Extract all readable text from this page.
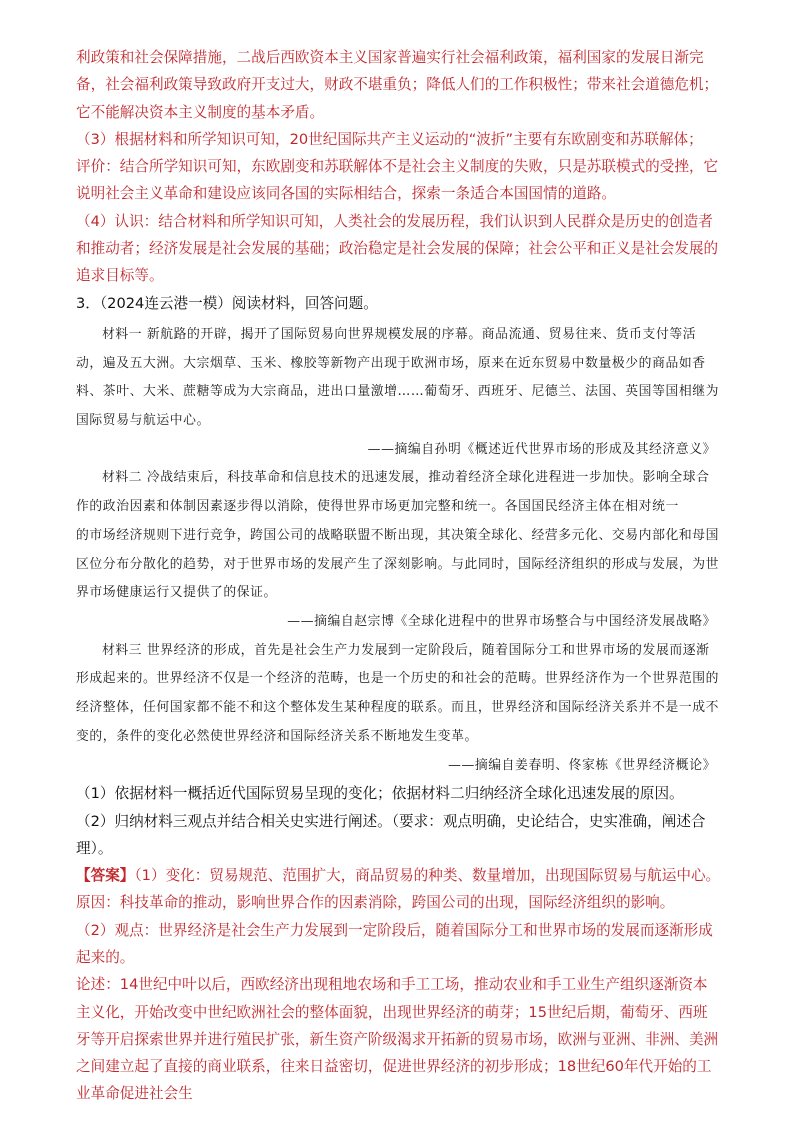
利政策和社会保障措施，二战后西欧资本主义国家普遍实行社会福利政策，福利国家的发展日渐完备，社会福利政策导致政府开支过大，财政不堪重负；降低人们的工作积极性；带来社会道德危机；它不能解决资本主义制度的基本矛盾。

（3）根据材料和所学知识可知，20世纪国际共产主义运动的“波折”主要有东欧剧变和苏联解体；

评价：结合所学知识可知，东欧剧变和苏联解体不是社会主义制度的失败，只是苏联模式的受挫，它说明社会主义革命和建设应该同各国的实际相结合，探索一条适合本国国情的道路。

（4）认识：结合材料和所学知识可知，人类社会的发展历程，我们认识到人民群众是历史的创造者和推动者；经济发展是社会发展的基础；政治稳定是社会发展的保障；社会公平和正义是社会发展的追求目标等。

3．（2024连云港一模）阅读材料，回答问题。

材料一 新航路的开辟，揭开了国际贸易向世界规模发展的序幕。商品流通、贸易往来、货币支付等活动，遍及五大洲。大宗烟草、玉米、橡胶等新物产出现于欧洲市场，原来在近东贸易中数量极少的商品如香料、茶叶、大米、蔗糖等成为大宗商品，进出口量激增……葡萄牙、西班牙、尼德兰、法国、英国等国相继为国际贸易与航运中心。

——摘编自孙明《概述近代世界市场的形成及其经济意义》

材料二 冷战结束后，科技革命和信息技术的迅速发展，推动着经济全球化进程进一步加快。影响全球合作的政治因素和体制因素逐步得以消除，使得世界市场更加完整和统一。各国国民经济主体在相对统一

的市场经济规则下进行竞争，跨国公司的战略联盟不断出现，其决策全球化、经营多元化、交易内部化和母国区位分布分散化的趋势，对于世界市场的发展产生了深刻影响。与此同时，国际经济组织的形成与发展，为世界市场健康运行又提供了的保证。

——摘编自赵宗博《全球化进程中的世界市场整合与中国经济发展战略》

材料三 世界经济的形成，首先是社会生产力发展到一定阶段后，随着国际分工和世界市场的发展而逐渐形成起来的。世界经济不仅是一个经济的范畴，也是一个历史的和社会的范畴。世界经济作为一个世界范围的经济整体，任何国家都不能不和这个整体发生某种程度的联系。而且，世界经济和国际经济关系并不是一成不变的，条件的变化必然使世界经济和国际经济关系不断地发生变革。

——摘编自姜春明、佟家栋《世界经济概论》

（1）依据材料一概括近代国际贸易呈现的变化；依据材料二归纳经济全球化迅速发展的原因。

（2）归纳材料三观点并结合相关史实进行阐述。（要求：观点明确，史论结合，史实准确，阐述合理）。

【答案】（1）变化：贸易规范、范围扩大，商品贸易的种类、数量增加，出现国际贸易与航运中心。

原因：科技革命的推动，影响世界合作的因素消除，跨国公司的出现，国际经济组织的影响。

（2）观点：世界经济是社会生产力发展到一定阶段后，随着国际分工和世界市场的发展而逐渐形成起来的。

论述：14世纪中叶以后，西欧经济出现租地农场和手工工场，推动农业和手工业生产组织逐渐资本主义化，开始改变中世纪欧洲社会的整体面貌，出现世界经济的萌芽；15世纪后期，葡萄牙、西班牙等开启探索世界并进行殖民扩张，新生资产阶级渴求开拓新的贸易市场，欧洲与亚洲、非洲、美洲之间建立起了直接的商业联系，往来日益密切，促进世界经济的初步形成；18世纪60年代开始的工业革命促进社会生
